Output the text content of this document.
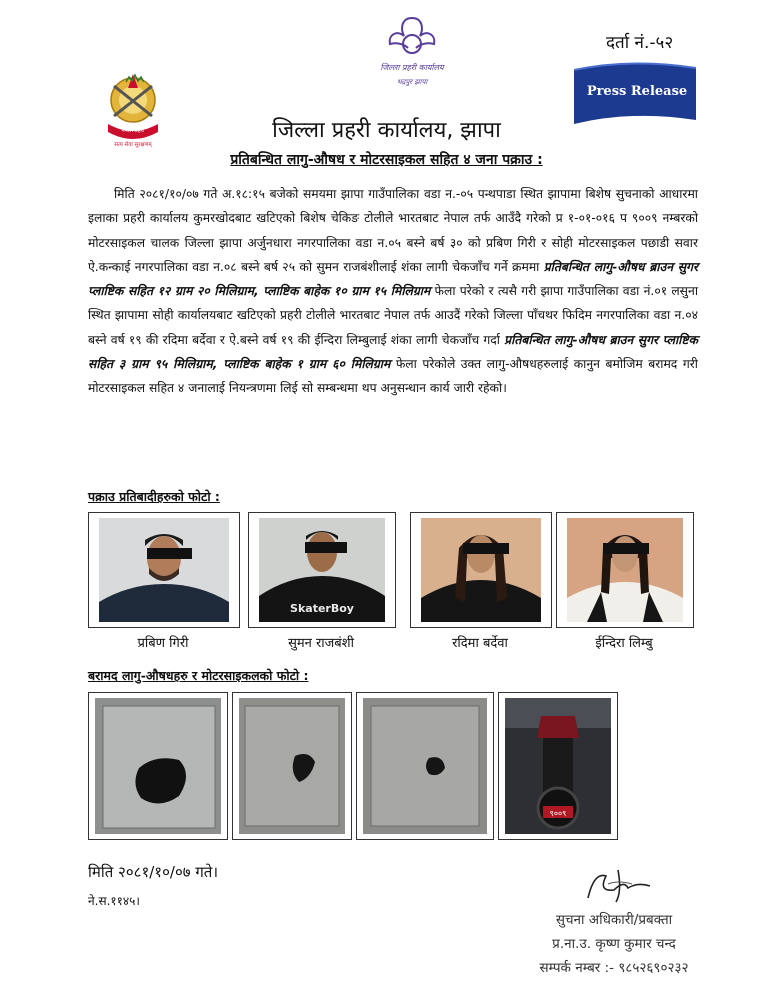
नेपाल प्रहरी
सत्य सेवा सुरक्षणम्
जिल्ला प्रहरी कार्यालय
भद्रपुर झापा
दर्ता नं.-५२
Press Release
जिल्ला प्रहरी कार्यालय, झापा
प्रतिबन्धित लागु-औषध र मोटरसाइकल सहित ४ जना पक्राउ :
मिति २०८१/१०/०७ गते अ.१८:१५ बजेको समयमा झापा गाउँपालिका वडा न.-०५ पन्थपाडा स्थित झापामा बिशेष सुचनाको आधारमा इलाका प्रहरी कार्यालय कुमरखोदबाट खटिएको बिशेष चेकिङ टोलीले भारतबाट नेपाल तर्फ आउँदै गरेको प्र १-०१-०१६ प ९००९ नम्बरको मोटरसाइकल चालक जिल्ला झापा अर्जुनधारा नगरपालिका वडा न.०५ बस्ने बर्ष ३० को प्रबिण गिरी र सोही मोटरसाइकल पछाडी सवार ऐ.कन्काई नगरपालिका वडा न.०८ बस्ने बर्ष २५ को सुमन राजबंशीलाई शंका लागी चेकजाँच गर्ने क्रममा प्रतिबन्धित लागु-औषध ब्राउन सुगर प्लाष्टिक सहित १२ ग्राम २० मिलिग्राम, प्लाष्टिक बाहेक १० ग्राम १५ मिलिग्राम फेला परेको र त्यसै गरी झापा गाउँपालिका वडा नं.०१ लसुना स्थित झापामा सोही कार्यालयबाट खटिएको प्रहरी टोलीले भारतबाट नेपाल तर्फ आउदैं गरेको जिल्ला पाँचथर फिदिम नगरपालिका वडा न.०४ बस्ने वर्ष १९ की रदिमा बर्देवा र ऐ.बस्ने वर्ष १९ की ईन्दिरा लिम्बुलाई शंका लागी चेकजाँच गर्दा प्रतिबन्धित लागु-औषध ब्राउन सुगर प्लाष्टिक सहित ३ ग्राम ९५ मिलिग्राम, प्लाष्टिक बाहेक १ ग्राम ६० मिलिग्राम फेला परेकोले उक्त लागु-औषधहरुलाई कानुन बमोजिम बरामद गरी मोटरसाइकल सहित ४ जनालाई नियन्त्रणमा लिई सो सम्बन्धमा थप अनुसन्धान कार्य जारी रहेको।
पक्राउ प्रतिबादीहरुको फोटो :
प्रबिण गिरी
SkaterBoy
सुमन राजबंशी	रदिमा बर्देवा	ईन्दिरा लिम्बु
बरामद लागु-औषधहरु र मोटरसाइकलको फोटो :
९००९
मिति २०८१/१०/०७ गते।
ने.स.११४५।
सुचना अधिकारी/प्रबक्ता
प्र.ना.उ. कृष्ण कुमार चन्द
सम्पर्क नम्बर :- ९८५२६९०२३२
